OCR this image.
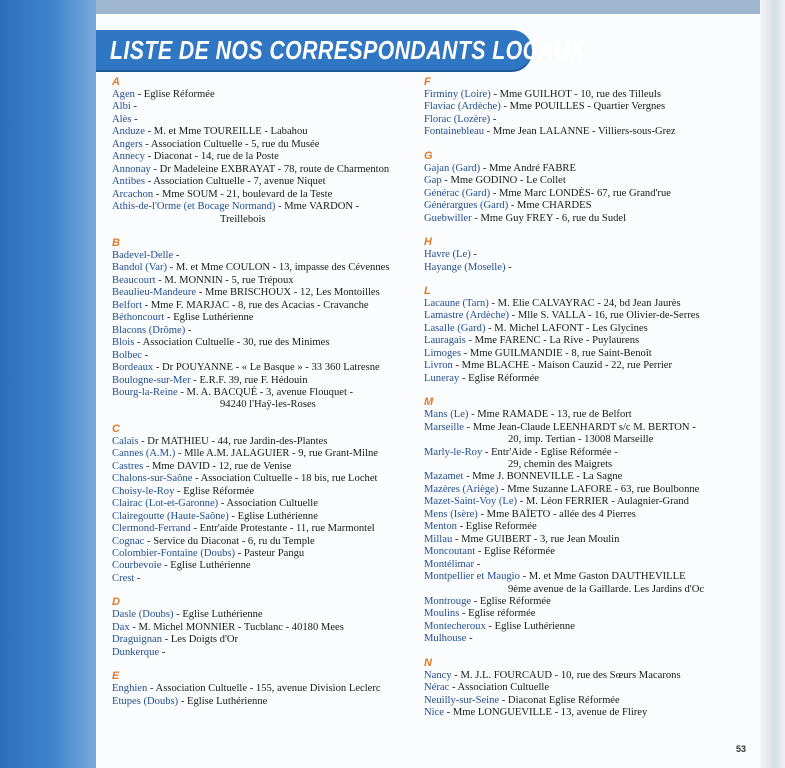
LISTE DE NOS CORRESPONDANTS LOCAUX
A
Agen - Eglise Réformée
Albi -
Alès -
Anduze - M. et Mme TOUREILLE - Labahou
Angers - Association Cultuelle - 5, rue du Musée
Annecy - Diaconat - 14, rue de la Poste
Annonay - Dr Madeleine EXBRAYAT - 78, route de Charmenton
Antibes - Association Cultuelle - 7, avenue Niquet
Arcachon - Mme SOUM - 21, boulevard de la Teste
Athis-de-l'Orme (et Bocage Normand) - Mme VARDON -
Treillebois
B
Badevel-Delle -
Bandol (Var) - M. et Mme COULON - 13, impasse des Cévennes
Beaucourt - M. MONNIN - 5, rue Trépoux
Beaulieu-Mandeure - Mme BRISCHOUX - 12, Les Montoilles
Belfort - Mme F. MARJAC - 8, rue des Acacias - Cravanche
Béthoncourt - Eglise Luthérienne
Blacons (Drôme) -
Blois - Association Cultuelle - 30, rue des Minimes
Bolbec -
Bordeaux - Dr POUYANNE - « Le Basque » - 33 360 Latresne
Boulogne-sur-Mer - E.R.F. 39, rue F. Hédouin
Bourg-la-Reine - M. A. BACQUÉ - 3, avenue Flouquet -
94240 l'Haÿ-les-Roses
C
Calais - Dr MATHIEU - 44, rue Jardin-des-Plantes
Cannes (A.M.) - Mlle A.M. JALAGUIER - 9, rue Grant-Milne
Castres - Mme DAVID - 12, rue de Venise
Chalons-sur-Saône - Association Cultuelle - 18 bis, rue Lochet
Choisy-le-Roy - Eglise Réformée
Clairac (Lot-et-Garonne) - Association Cultuelle
Clairegoutte (Haute-Saône) - Eglise Luthérienne
Clermond-Ferrand - Entr'aide Protestante - 11, rue Marmontel
Cognac - Service du Diaconat - 6, ru du Temple
Colombier-Fontaine (Doubs) - Pasteur Pangu
Courbevoie - Eglise Luthérienne
Crest -
D
Dasle (Doubs) - Eglise Luthérienne
Dax - M. Michel MONNIER - Tucblanc - 40180 Mees
Draguignan - Les Doigts d'Or
Dunkerque -
E
Enghien - Association Cultuelle - 155, avenue Division Leclerc
Etupes (Doubs) - Eglise Luthérienne
F
Firminy (Loire) - Mme GUILHOT - 10, rue des Tilleuls
Flaviac (Ardèche) - Mme POUILLES - Quartier Vergnes
Florac (Lozère) -
Fontainebleau - Mme Jean LALANNE - Villiers-sous-Grez
G
Gajan (Gard) - Mme André FABRE
Gap - Mme GODINO - Le Collet
Générac (Gard) - Mme Marc LONDÈS- 67, rue Grand'rue
Générargues (Gard) - Mme CHARDES
Guebwiller - Mme Guy FREY - 6, rue du Sudel
H
Havre (Le) -
Hayange (Moselle) -
L
Lacaune (Tarn) - M. Elie CALVAYRAC - 24, bd Jean Jaurès
Lamastre (Ardèche) - Mlle S. VALLA - 16, rue Olivier-de-Serres
Lasalle (Gard) - M. Michel LAFONT - Les Glycines
Lauragais - Mme FARENC - La Rive - Puylaurens
Limoges - Mme GUILMANDIE - 8, rue Saint-Benoît
Livron - Mme BLACHE - Maison Cauzid - 22, rue Perrier
Luneray - Eglise Réformée
M
Mans (Le) - Mme RAMADE - 13, rue de Belfort
Marseille - Mme Jean-Claude LEENHARDT s/c M. BERTON -
20, imp. Tertian - 13008 Marseille
Marly-le-Roy - Entr'Aide - Eglise Réformée -
29, chemin des Maigrets
Mazamet - Mme J. BONNEVILLE - La Sagne
Mazères (Ariège) - Mme Suzanne LAFORE - 63, rue Boulbonne
Mazet-Saint-Voy (Le) - M. Léon FERRIER - Aulagnier-Grand
Mens (Isère) - Mme BAÏETO - allée des 4 Pierres
Menton - Eglise Reformée
Millau - Mme GUIBERT - 3, rue Jean Moulin
Moncoutant - Eglise Réformée
Montélimar -
Montpellier et Maugio - M. et Mme Gaston DAUTHEVILLE
9ème avenue de la Gaillarde. Les Jardins d'Oc
Montrouge - Eglise Réformée
Moulins - Eglise réformée
Montecheroux - Eglise Luthérienne
Mulhouse -
N
Nancy - M. J.L. FOURCAUD - 10, rue des Sœurs Macarons
Nérac - Association Cultuelle
Neuilly-sur-Seine - Diaconat Eglise Réformée
Nice - Mme LONGUEVILLE - 13, avenue de Flirey
53
